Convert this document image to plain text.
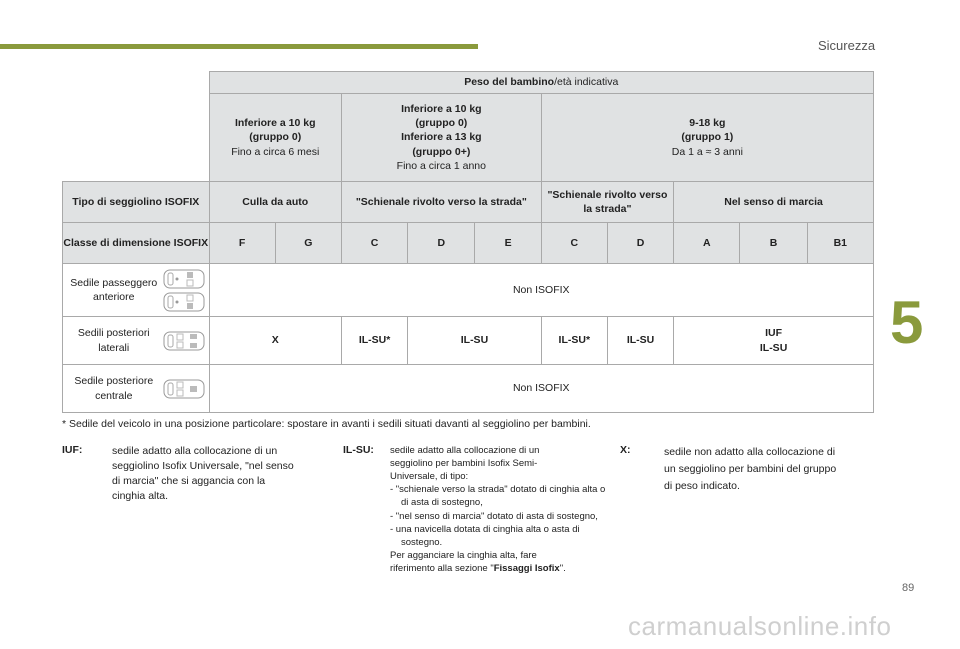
Sicurezza
5
	Peso del bambino/età indicativa									
	Inferiore a 10 kg
(gruppo 0)
Fino a circa 6 mesi		Inferiore a 10 kg
(gruppo 0)
Inferiore a 13 kg
(gruppo 0+)
Fino a circa 1 anno			9-18 kg
(gruppo 1)
Da 1 a ≈ 3 anni				
Tipo di seggiolino ISOFIX	Culla da auto		"Schienale rivolto verso la strada"			"Schienale rivolto verso la strada"		Nel senso di marcia		
Classe di dimensione ISOFIX	F	G	C	D	E	C	D	A	B	B1

Sedile passeggero anteriore	Non ISOFIX									

Sedili posteriori laterali	X		IL-SU*	IL-SU		IL-SU*	IL-SU	IUF
IL-SU		

Sedile posteriore centrale	Non ISOFIX									
* Sedile del veicolo in una posizione particolare: spostare in avanti i sedili situati davanti al seggiolino per bambini.
IUF:	sedile adatto alla collocazione di un
seggiolino Isofix Universale, "nel senso
di marcia" che si aggancia con la
cinghia alta.
IL-SU: sedile adatto alla collocazione di un
seggiolino per bambini Isofix Semi-
Universale, di tipo:
- "schienale verso la strada" dotato di cinghia alta o di asta di sostegno,
- "nel senso di marcia" dotato di asta di sostegno,
- una navicella dotata di cinghia alta o asta di sostegno.
Per agganciare la cinghia alta, fare
riferimento alla sezione "Fissaggi Isofix".
X:	sedile non adatto alla collocazione di
un seggiolino per bambini del gruppo
di peso indicato.
89
carmanualsonline.info
